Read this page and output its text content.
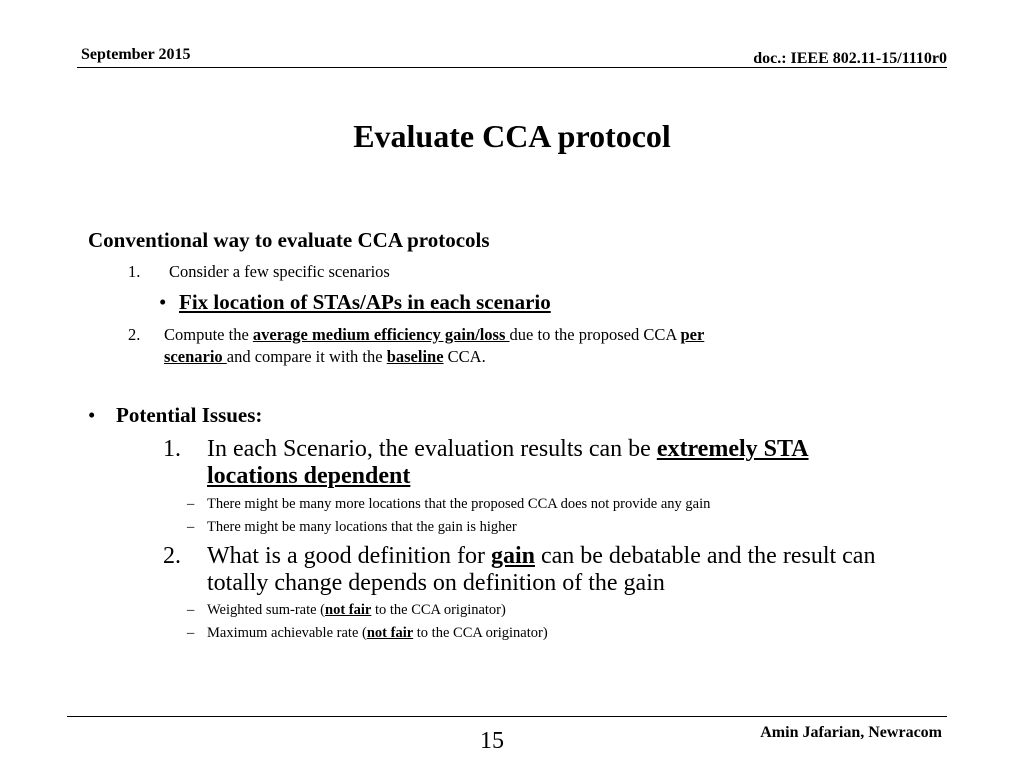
September 2015	doc.: IEEE 802.11-15/1110r0
Evaluate CCA protocol
Conventional way to evaluate CCA protocols
1. Consider a few specific scenarios
• Fix location of STAs/APs in each scenario
2. Compute the average medium efficiency gain/loss due to the proposed CCA per
scenario and compare it with the baseline CCA.
• Potential Issues:
1. In each Scenario, the evaluation results can be extremely STA
locations dependent
– There might be many more locations that the proposed CCA does not provide any gain
– There might be many locations that the gain is higher
2. What is a good definition for gain can be debatable and the result can
totally change depends on definition of the gain
– Weighted sum-rate (not fair to the CCA originator)
– Maximum achievable rate (not fair to the CCA originator)
15	Amin Jafarian, Newracom
